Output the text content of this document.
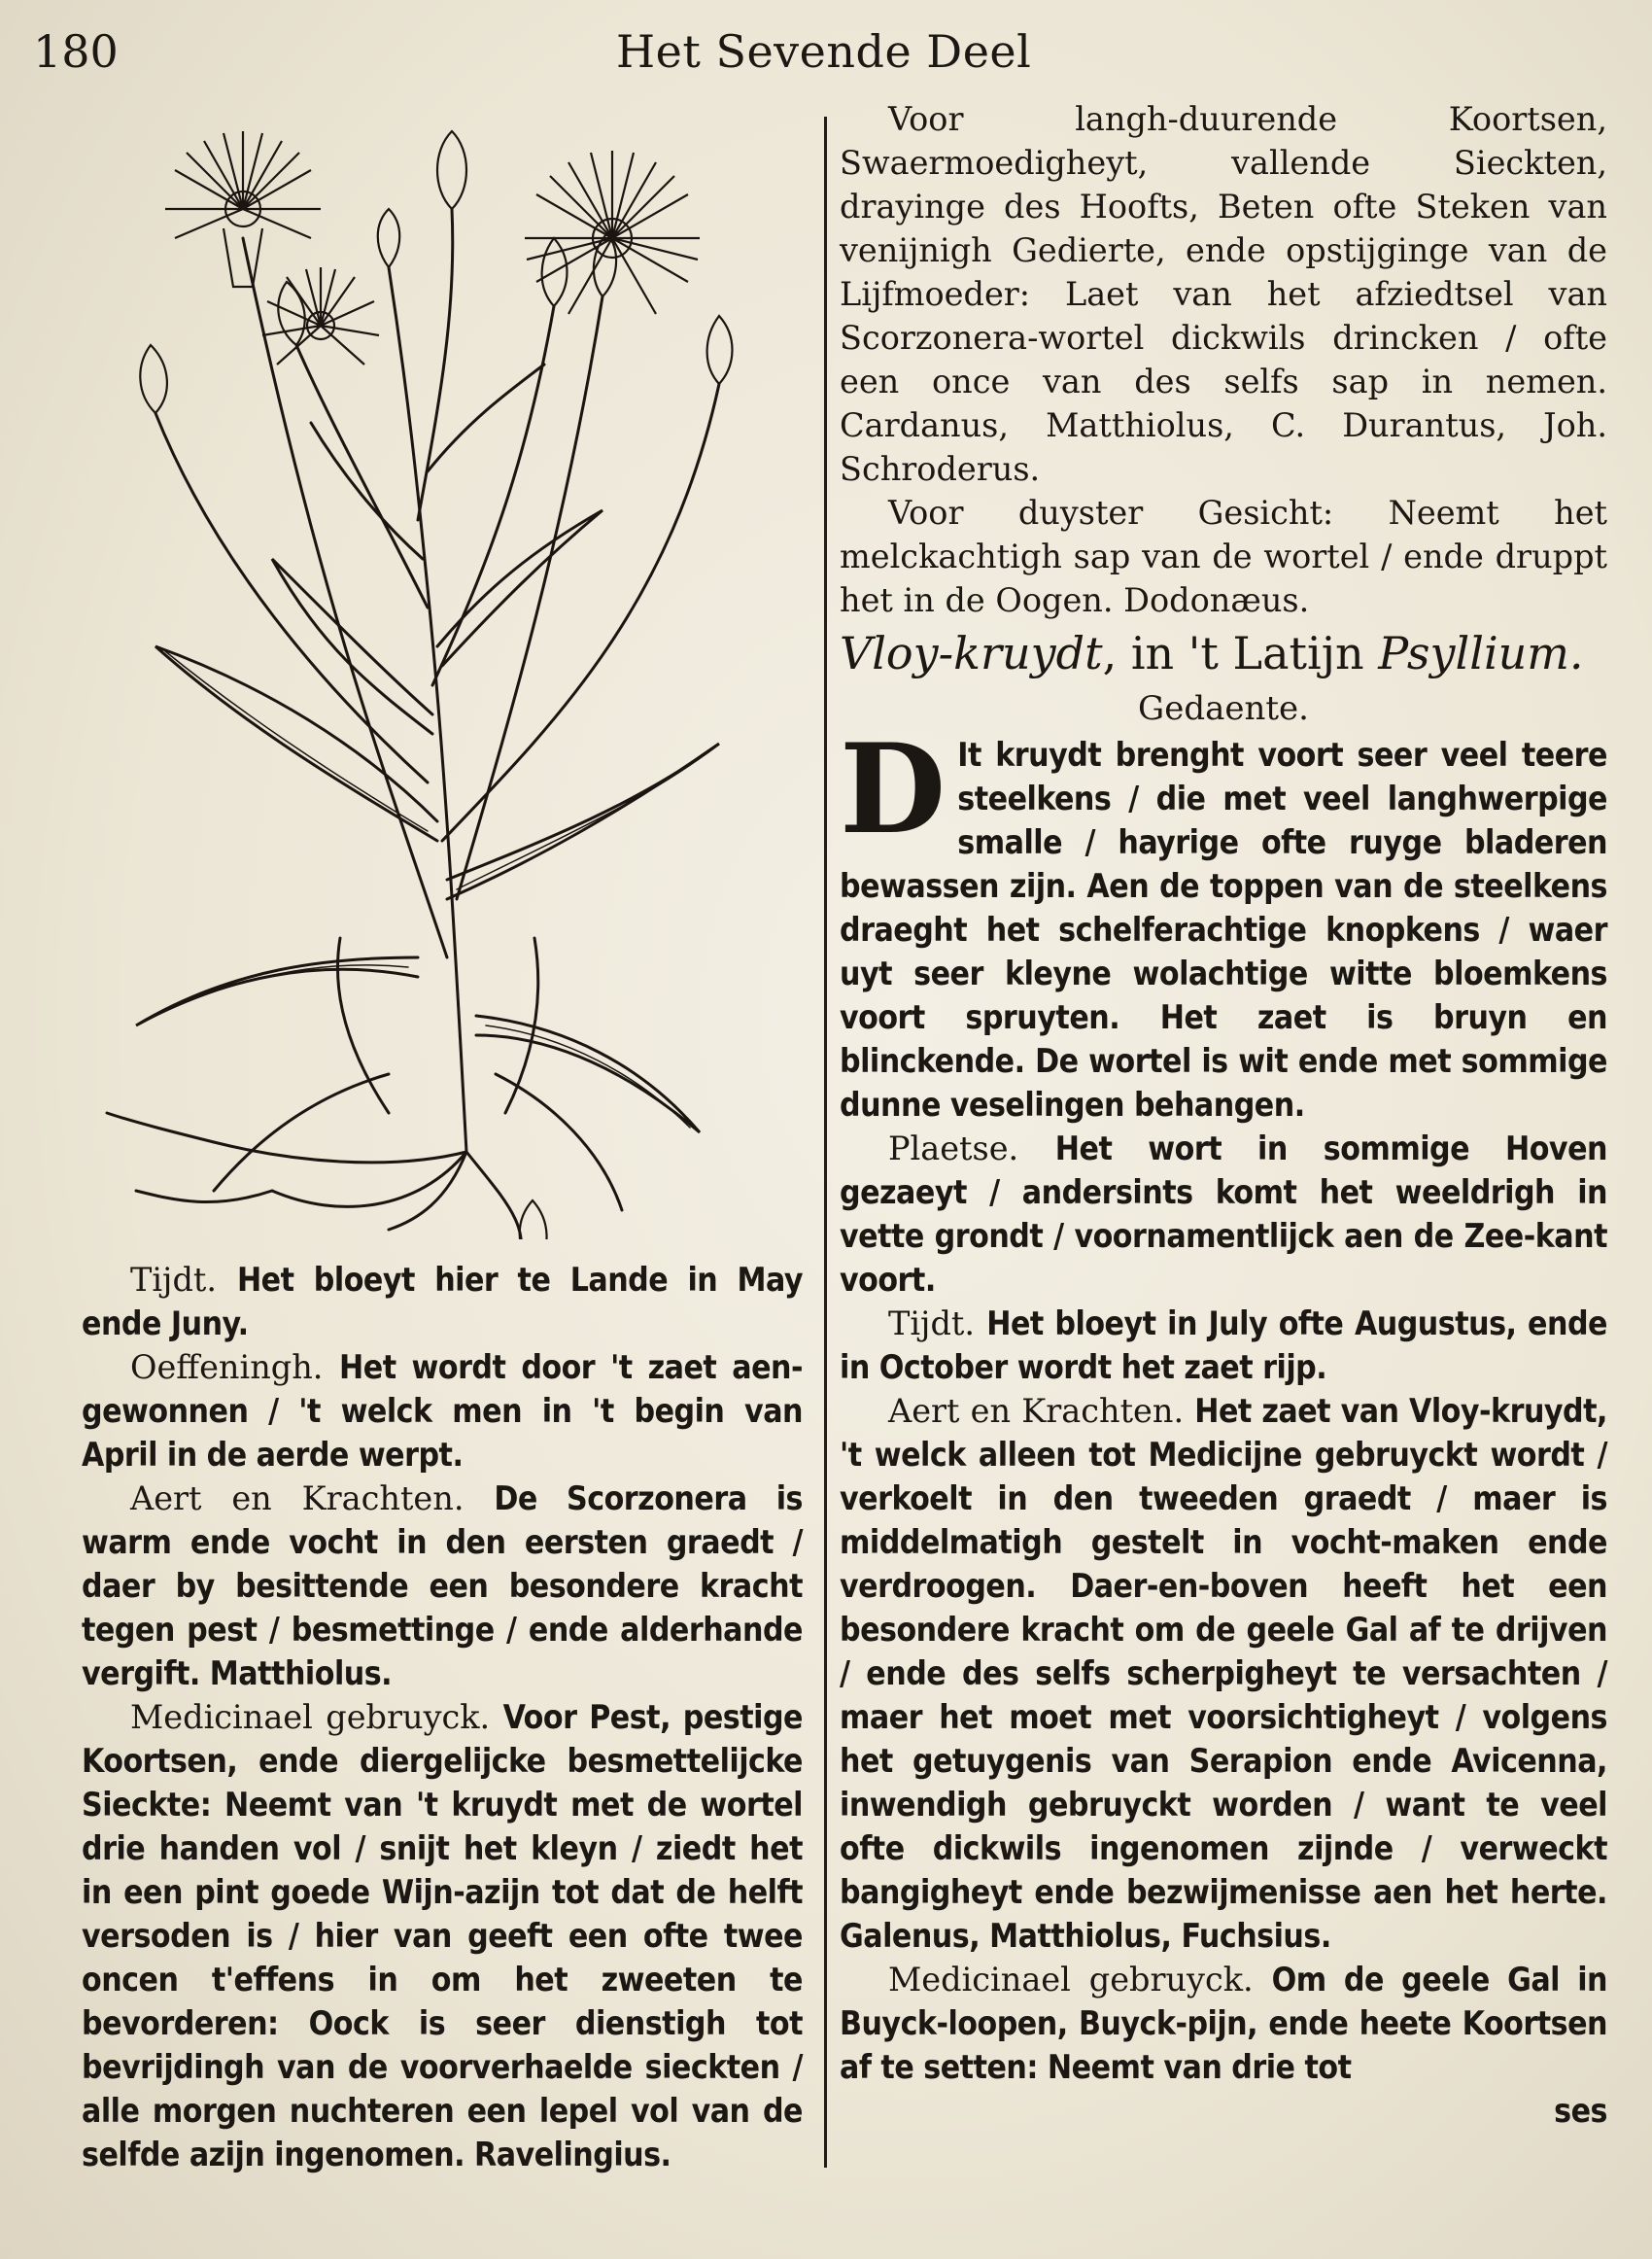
180	Het Sevende Deel

Tijdt. Het bloeyt hier te Lande in May ende Juny.

Oeffeningh. Het wordt door 't zaet aen-gewonnen / 't welck men in 't begin van April in de aerde werpt.

Aert en Krachten. De Scorzonera is warm ende vocht in den eersten graedt / daer by besittende een besondere kracht tegen pest / besmettinge / ende alderhande vergift. Matthiolus.

Medicinael gebruyck. Voor Pest, pestige Koortsen, ende diergelijcke besmettelijcke Sieckte: Neemt van 't kruydt met de wortel drie handen vol / snijt het kleyn / ziedt het in een pint goede Wijn-azijn tot dat de helft versoden is / hier van geeft een ofte twee oncen t'effens in om het zweeten te bevorderen: Oock is seer dienstigh tot bevrijdingh van de voorverhaelde sieckten / alle morgen nuchteren een lepel vol van de selfde azijn ingenomen. Ravelingius.

Voor langh-duurende Koortsen, Swaermoedigheyt, vallende Sieckten, drayinge des Hoofts, Beten ofte Steken van venijnigh Gedierte, ende opstijginge van de Lijfmoeder: Laet van het afziedtsel van Scorzonera-wortel dickwils drincken / ofte een once van des selfs sap in nemen. Cardanus, Matthiolus, C. Durantus, Joh. Schroderus.

Voor duyster Gesicht: Neemt het melckachtigh sap van de wortel / ende druppt het in de Oogen. Dodonæus.

Vloy-kruydt, in 't Latijn Psyllium.

Gedaente.

D It kruydt brenght voort seer veel teere steelkens / die met veel langhwerpige smalle / hayrige ofte ruyge bladeren bewassen zijn. Aen de toppen van de steelkens draeght het schelferachtige knopkens / waer uyt seer kleyne wolachtige witte bloemkens voort spruyten. Het zaet is bruyn en blinckende. De wortel is wit ende met sommige dunne veselingen behangen.

Plaetse. Het wort in sommige Hoven gezaeyt / andersints komt het weeldrigh in vette grondt / voornamentlijck aen de Zee-kant voort.

Tijdt. Het bloeyt in July ofte Augustus, ende in October wordt het zaet rijp.

Aert en Krachten. Het zaet van Vloy-kruydt, 't welck alleen tot Medicijne gebruyckt wordt / verkoelt in den tweeden graedt / maer is middelmatigh gestelt in vocht-maken ende verdroogen. Daer-en-boven heeft het een besondere kracht om de geele Gal af te drijven / ende des selfs scherpigheyt te versachten / maer het moet met voorsichtigheyt / volgens het getuygenis van Serapion ende Avicenna, inwendigh gebruyckt worden / want te veel ofte dickwils ingenomen zijnde / verweckt bangigheyt ende bezwijmenisse aen het herte. Galenus, Matthiolus, Fuchsius.

Medicinael gebruyck. Om de geele Gal in Buyck-loopen, Buyck-pijn, ende heete Koortsen af te setten: Neemt van drie tot

ses
